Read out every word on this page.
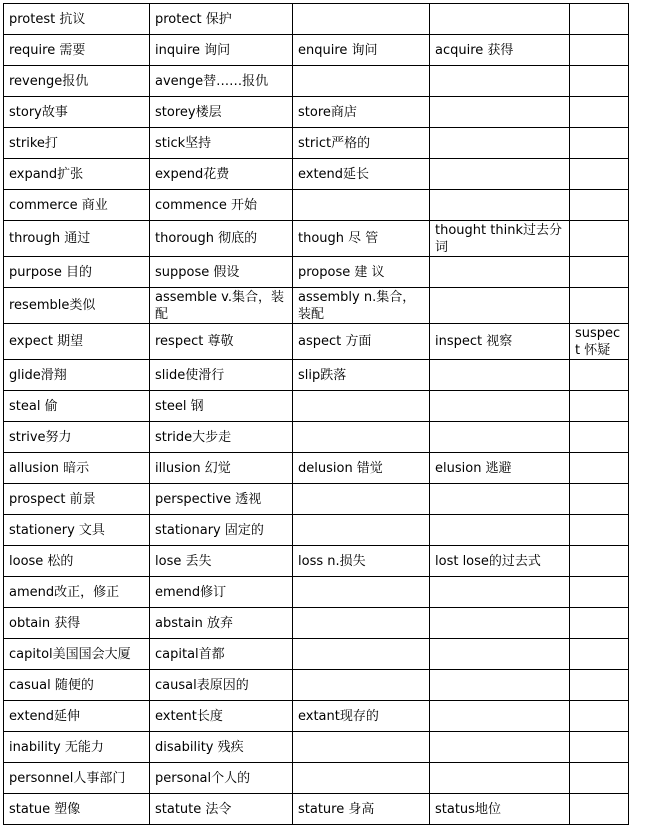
protest 抗议	protect 保护			
require 需要	inquire 询问	enquire 询问	acquire 获得	
revenge报仇	avenge替……报仇			
story故事	storey楼层	store商店		
strike打	stick坚持	strict严格的		
expand扩张	expend花费	extend延长		
commerce 商业	commence 开始			
through 通过	thorough 彻底的	though 尽 管	thought think过去分词	
purpose 目的	suppose 假设	propose 建 议		
resemble类似	assemble v.集合，装配	assembly n.集合，装配		
expect 期望	respect 尊敬	aspect 方面	inspect 视察	suspect 怀疑
glide滑翔	slide使滑行	slip跌落		
steal 偷	steel 钢			
strive努力	stride大步走			
allusion 暗示	illusion 幻觉	delusion 错觉	elusion 逃避	
prospect 前景	perspective 透视			
stationery 文具	stationary 固定的			
loose 松的	lose 丢失	loss n.损失	lost lose的过去式	
amend改正，修正	emend修订			
obtain 获得	abstain 放弃			
capitol美国国会大厦	capital首都			
casual 随便的	causal表原因的			
extend延伸	extent长度	extant现存的		
inability 无能力	disability 残疾			
personnel人事部门	personal个人的			
statue 塑像	statute 法令	stature 身高	status地位	
